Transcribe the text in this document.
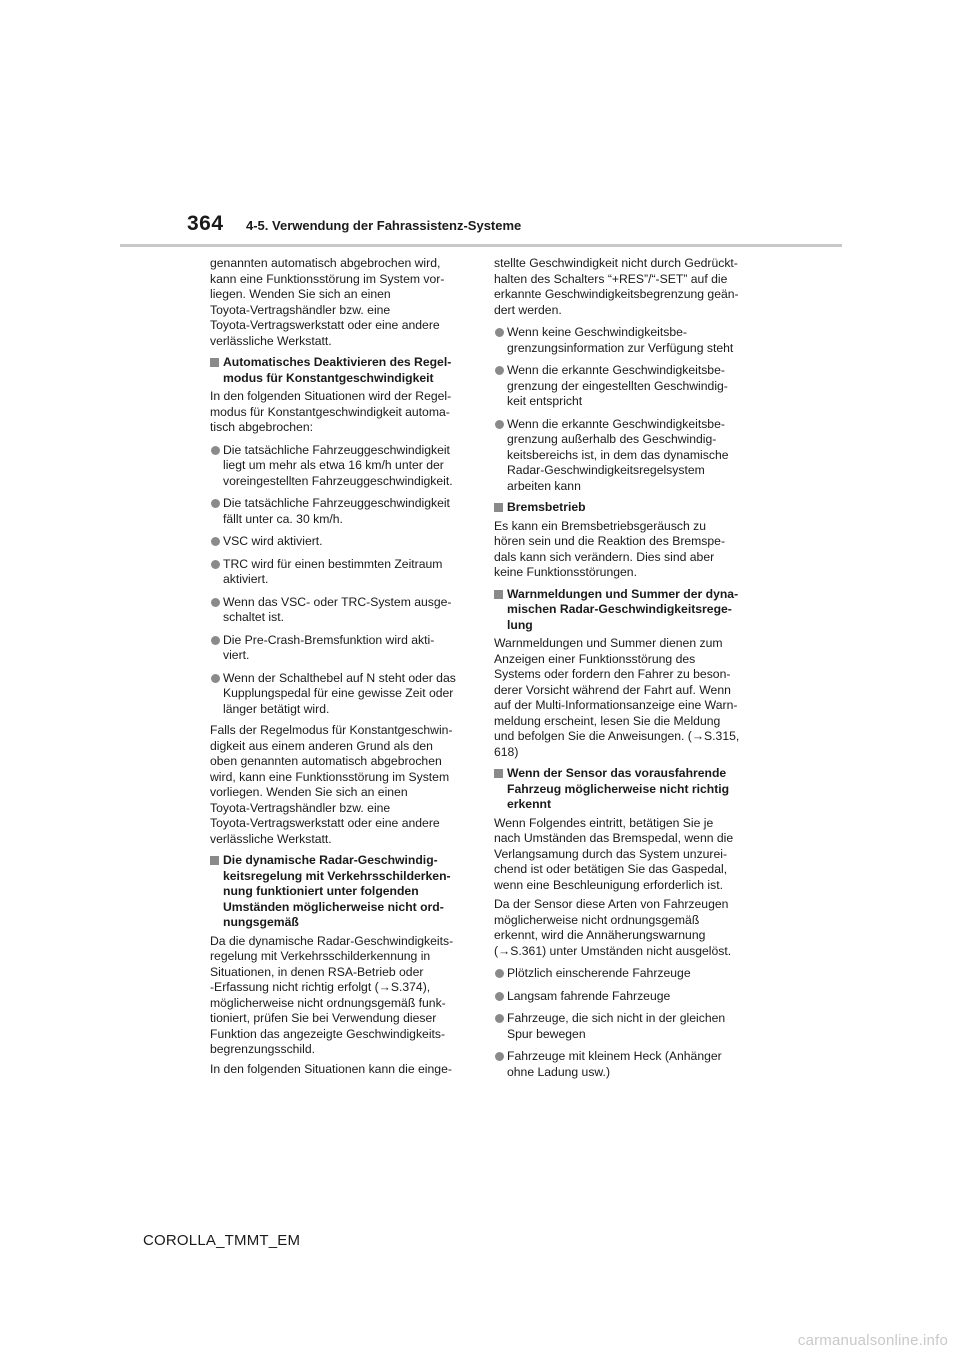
364 4-5. Verwendung der Fahrassistenz-Systeme

genannten automatisch abgebrochen wird,
kann eine Funktionsstörung im System vor-
liegen. Wenden Sie sich an einen
Toyota-Vertragshändler bzw. eine
Toyota-Vertragswerkstatt oder eine andere
verlässliche Werkstatt.

Automatisches Deaktivieren des Regel-
modus für Konstantgeschwindigkeit

In den folgenden Situationen wird der Regel-
modus für Konstantgeschwindigkeit automa-
tisch abgebrochen:

Die tatsächliche Fahrzeuggeschwindigkeit
liegt um mehr als etwa 16 km/h unter der
voreingestellten Fahrzeuggeschwindigkeit.
Die tatsächliche Fahrzeuggeschwindigkeit
fällt unter ca. 30 km/h.
VSC wird aktiviert.
TRC wird für einen bestimmten Zeitraum
aktiviert.
Wenn das VSC- oder TRC-System ausge-
schaltet ist.
Die Pre-Crash-Bremsfunktion wird akti-
viert.
Wenn der Schalthebel auf N steht oder das
Kupplungspedal für eine gewisse Zeit oder
länger betätigt wird.

Falls der Regelmodus für Konstantgeschwin-
digkeit aus einem anderen Grund als den
oben genannten automatisch abgebrochen
wird, kann eine Funktionsstörung im System
vorliegen. Wenden Sie sich an einen
Toyota-Vertragshändler bzw. eine
Toyota-Vertragswerkstatt oder eine andere
verlässliche Werkstatt.

Die dynamische Radar-Geschwindig-
keitsregelung mit Verkehrsschilderken-
nung funktioniert unter folgenden
Umständen möglicherweise nicht ord-
nungsgemäß

Da die dynamische Radar-Geschwindigkeits-
regelung mit Verkehrsschilderkennung in
Situationen, in denen RSA-Betrieb oder
-Erfassung nicht richtig erfolgt (→S.374),
möglicherweise nicht ordnungsgemäß funk-
tioniert, prüfen Sie bei Verwendung dieser
Funktion das angezeigte Geschwindigkeits-
begrenzungsschild.

In den folgenden Situationen kann die einge-

stellte Geschwindigkeit nicht durch Gedrückt-
halten des Schalters “+RES”/“-SET” auf die
erkannte Geschwindigkeitsbegrenzung geän-
dert werden.

Wenn keine Geschwindigkeitsbe-
grenzungsinformation zur Verfügung steht
Wenn die erkannte Geschwindigkeitsbe-
grenzung der eingestellten Geschwindig-
keit entspricht
Wenn die erkannte Geschwindigkeitsbe-
grenzung außerhalb des Geschwindig-
keitsbereichs ist, in dem das dynamische
Radar-Geschwindigkeitsregelsystem
arbeiten kann
Bremsbetrieb

Es kann ein Bremsbetriebsgeräusch zu
hören sein und die Reaktion des Bremspe-
dals kann sich verändern. Dies sind aber
keine Funktionsstörungen.

Warnmeldungen und Summer der dyna-
mischen Radar-Geschwindigkeitsrege-
lung

Warnmeldungen und Summer dienen zum
Anzeigen einer Funktionsstörung des
Systems oder fordern den Fahrer zu beson-
derer Vorsicht während der Fahrt auf. Wenn
auf der Multi-Informationsanzeige eine Warn-
meldung erscheint, lesen Sie die Meldung
und befolgen Sie die Anweisungen. (→S.315,
618)

Wenn der Sensor das vorausfahrende
Fahrzeug möglicherweise nicht richtig
erkennt

Wenn Folgendes eintritt, betätigen Sie je
nach Umständen das Bremspedal, wenn die
Verlangsamung durch das System unzurei-
chend ist oder betätigen Sie das Gaspedal,
wenn eine Beschleunigung erforderlich ist.

Da der Sensor diese Arten von Fahrzeugen
möglicherweise nicht ordnungsgemäß
erkennt, wird die Annäherungswarnung
(→S.361) unter Umständen nicht ausgelöst.

Plötzlich einscherende Fahrzeuge
Langsam fahrende Fahrzeuge
Fahrzeuge, die sich nicht in der gleichen
Spur bewegen
Fahrzeuge mit kleinem Heck (Anhänger
ohne Ladung usw.)
COROLLA_TMMT_EM
carmanualsonline.info
